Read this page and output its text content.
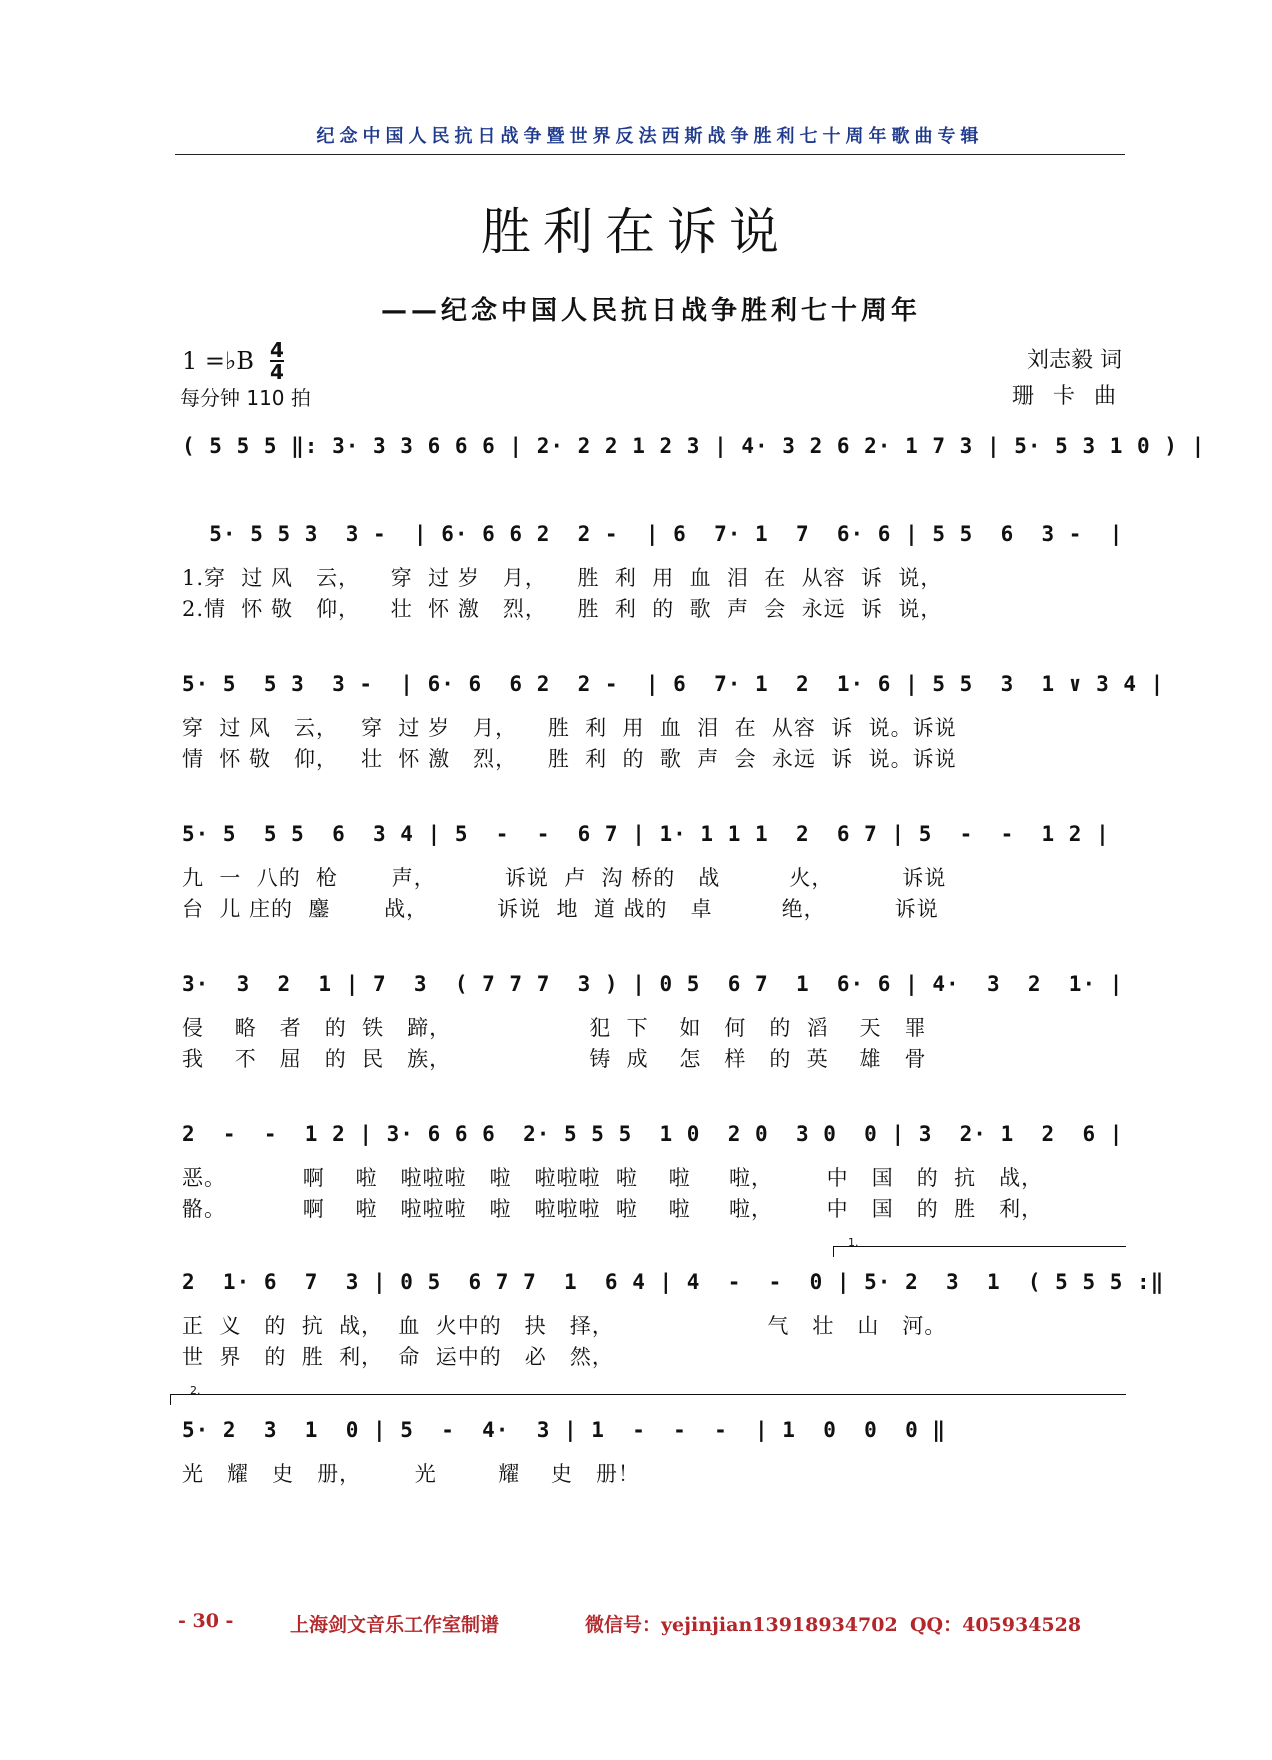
纪念中国人民抗日战争暨世界反法西斯战争胜利七十周年歌曲专辑
胜利在诉说
——纪念中国人民抗日战争胜利七十周年
1 =♭B 4
4
每分钟 110 拍
刘志毅 词
珊 卡 曲
( 5 5 5 ‖: 3· 3 3 6 6 6 | 2· 2 2 1 2 3 | 4· 3 2 6 2· 1 7 3 | 5· 5 3 1 0 ) |
5· 5 5 3  3 -  | 6· 6 6 2  2 -  | 6  7· 1  7  6· 6 | 5 5  6  3 -  |
1.穿  过 风   云，    穿  过 岁   月，    胜  利  用  血  泪  在  从容  诉  说，
2.情  怀 敬   仰，    壮  怀 激   烈，    胜  利  的  歌  声  会  永远  诉  说，
5· 5  5 3  3 -  | 6· 6  6 2  2 -  | 6  7· 1  2  1· 6 | 5 5  3  1 ∨ 3 4 |
穿  过 风   云，   穿  过 岁   月，    胜  利  用  血  泪  在  从容  诉  说。诉说
情  怀 敬   仰，   壮  怀 激   烈，    胜  利  的  歌  声  会  永远  诉  说。诉说
5· 5  5 5  6  3 4 | 5  -  -  6 7 | 1· 1 1 1  2  6 7 | 5  -  -  1 2 |
九  一  八的  枪       声，         诉说  卢  沟 桥的   战         火，         诉说
台  儿 庄的  鏖       战，         诉说  地  道 战的   卓         绝，         诉说
3·  3  2  1 | 7  3  ( 7 7 7  3 ) | 0 5  6 7  1  6· 6 | 4·  3  2  1· |
侵    略   者   的  铁   蹄，                  犯  下    如   何   的  滔    天   罪
我    不   屈   的  民   族，                  铸  成    怎   样   的  英    雄   骨
2  -  -  1 2 | 3· 6 6 6  2· 5 5 5  1 0  2 0  3 0  0 | 3  2· 1  2  6 |
恶。          啊    啦   啦啦啦   啦   啦啦啦  啦    啦     啦，       中   国   的  抗   战，
骼。          啊    啦   啦啦啦   啦   啦啦啦  啦    啦     啦，       中   国   的  胜   利，
1.
2  1· 6  7  3 | 0 5  6 7 7  1  6 4 | 4  -  -  0 | 5· 2  3  1  ( 5 5 5 :‖
正  义   的  抗  战，  血  火中的   抉   择，                    气   壮   山   河。
世  界   的  胜  利，  命  运中的   必   然，
2.
5· 2  3  1  0 | 5  -  4·  3 | 1  -  -  -  | 1  0  0  0 ‖
光   耀   史   册，       光        耀    史   册！
- 30 -	上海剑文音乐工作室制谱	微信号：yejinjian13918934702 QQ：405934528
